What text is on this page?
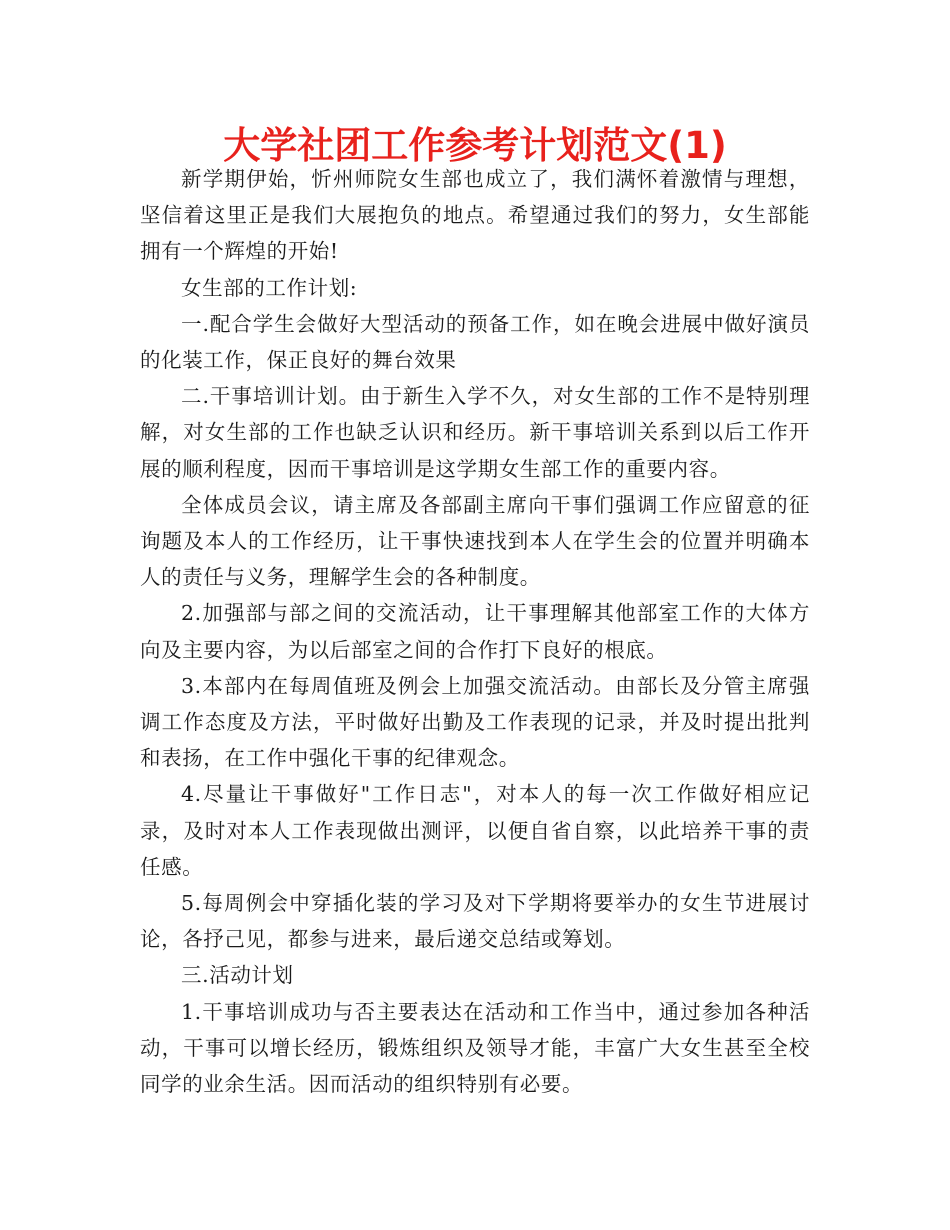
大学社团工作参考计划范文(1)

新学期伊始，忻州师院女生部也成立了，我们满怀着激情与理想，坚信着这里正是我们大展抱负的地点。希望通过我们的努力，女生部能拥有一个辉煌的开始!

女生部的工作计划:

一.配合学生会做好大型活动的预备工作，如在晚会进展中做好演员的化装工作，保正良好的舞台效果

二.干事培训计划。由于新生入学不久，对女生部的工作不是特别理解，对女生部的工作也缺乏认识和经历。新干事培训关系到以后工作开展的顺利程度，因而干事培训是这学期女生部工作的重要内容。

全体成员会议，请主席及各部副主席向干事们强调工作应留意的征询题及本人的工作经历，让干事快速找到本人在学生会的位置并明确本人的责任与义务，理解学生会的各种制度。

2.加强部与部之间的交流活动，让干事理解其他部室工作的大体方向及主要内容，为以后部室之间的合作打下良好的根底。

3.本部内在每周值班及例会上加强交流活动。由部长及分管主席强调工作态度及方法，平时做好出勤及工作表现的记录，并及时提出批判和表扬，在工作中强化干事的纪律观念。

4.尽量让干事做好"工作日志"，对本人的每一次工作做好相应记录，及时对本人工作表现做出测评，以便自省自察，以此培养干事的责任感。

5.每周例会中穿插化装的学习及对下学期将要举办的女生节进展讨论，各抒己见，都参与进来，最后递交总结或筹划。

三.活动计划

1.干事培训成功与否主要表达在活动和工作当中，通过参加各种活动，干事可以增长经历，锻炼组织及领导才能，丰富广大女生甚至全校同学的业余生活。因而活动的组织特别有必要。
